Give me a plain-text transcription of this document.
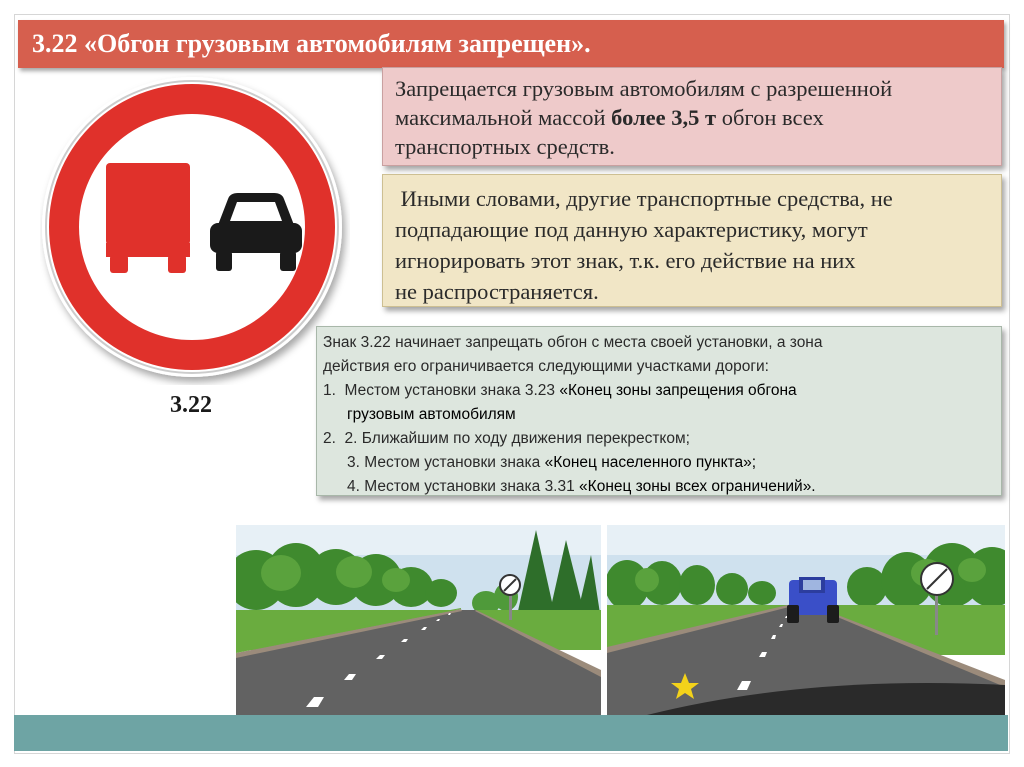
3.22 «Обгон грузовым автомобилям запрещен».
3.22
Запрещается грузовым автомобилям с разрешенной
максимальной массой более 3,5 т обгон всех
транспортных средств.
Иными словами, другие транспортные средства, не
подпадающие под данную характеристику, могут
игнорировать этот знак, т.к. его действие на них
не распространяется.
Знак 3.22 начинает запрещать обгон с места своей установки, а зона
действия его ограничивается следующими участками дороги:
1.  Местом установки знака 3.23 «Конец зоны запрещения обгона
грузовым автомобилям
2.  2. Ближайшим по ходу движения перекрестком;
3. Местом установки знака «Конец населенного пункта»;
4. Местом установки знака 3.31 «Конец зоны всех ограничений».
